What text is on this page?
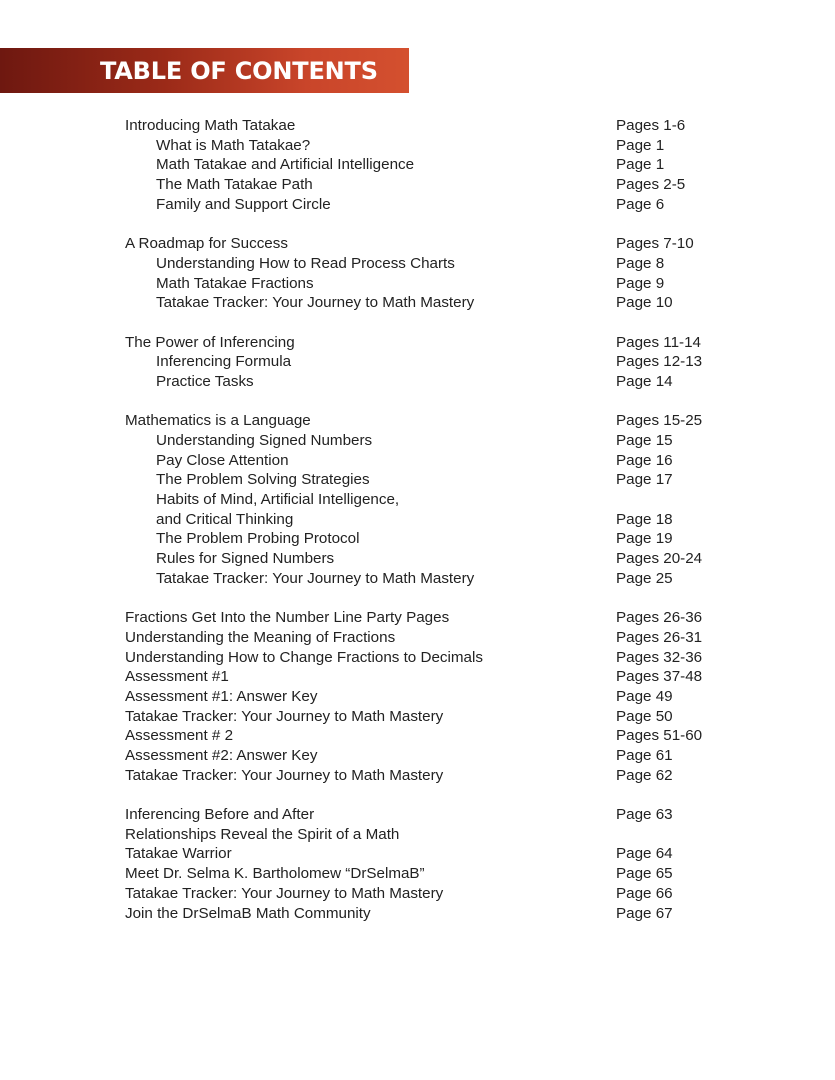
TABLE OF CONTENTS
Introducing Math Tatakae	Pages 1-6
What is Math Tatakae?	Page 1
Math Tatakae and Artificial Intelligence	Page 1
The Math Tatakae Path	Pages 2-5
Family and Support Circle	Page 6
A Roadmap for Success	Pages 7-10
Understanding How to Read Process Charts	Page 8
Math Tatakae Fractions	Page 9
Tatakae Tracker: Your Journey to Math Mastery	Page 10
The Power of Inferencing	Pages 11-14
Inferencing Formula	Pages 12-13
Practice Tasks	Page 14
Mathematics is a Language	Pages 15-25
Understanding Signed Numbers	Page 15
Pay Close Attention	Page 16
The Problem Solving Strategies	Page 17
Habits of Mind, Artificial Intelligence,
and Critical Thinking	Page 18
The Problem Probing Protocol	Page 19
Rules for Signed Numbers	Pages 20-24
Tatakae Tracker: Your Journey to Math Mastery	Page 25
Fractions Get Into the Number Line Party Pages	Pages 26-36
Understanding the Meaning of Fractions	Pages 26-31
Understanding How to Change Fractions to Decimals	Pages 32-36
Assessment #1	Pages 37-48
Assessment #1: Answer Key	Page 49
Tatakae Tracker: Your Journey to Math Mastery	Page 50
Assessment # 2	Pages 51-60
Assessment #2: Answer Key	Page 61
Tatakae Tracker: Your Journey to Math Mastery	Page 62
Inferencing Before and After	Page 63
Relationships Reveal the Spirit of a Math
Tatakae Warrior	Page 64
Meet Dr. Selma K. Bartholomew “DrSelmaB”	Page 65
Tatakae Tracker: Your Journey to Math Mastery	Page 66
Join the DrSelmaB Math Community	Page 67
